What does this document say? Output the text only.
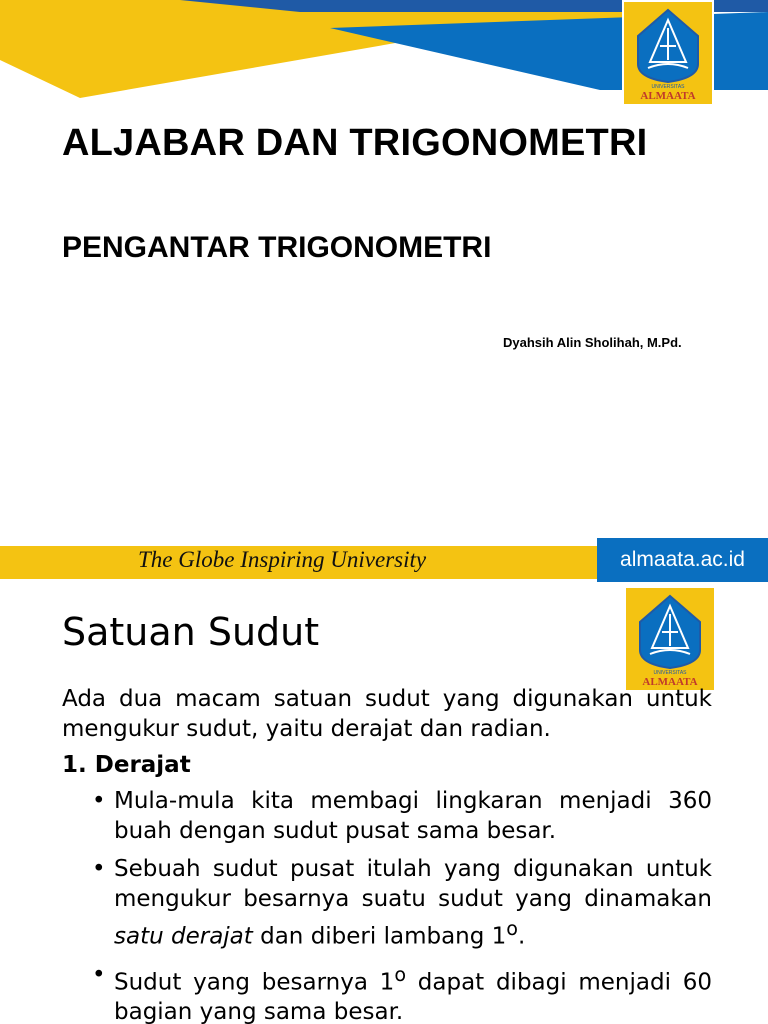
UNIVERSITAS
ALMAATA
ALJABAR DAN TRIGONOMETRI
PENGANTAR TRIGONOMETRI
Dyahsih Alin Sholihah, M.Pd.
The Globe Inspiring University	almaata.ac.id
UNIVERSITAS
ALMAATA
Satuan Sudut

Ada dua macam satuan sudut yang digunakan untuk mengukur sudut, yaitu derajat dan radian.

1. Derajat

• Mula-mula kita membagi lingkaran menjadi 360 buah dengan sudut pusat sama besar.
• Sebuah sudut pusat itulah yang digunakan untuk mengukur besarnya suatu sudut yang dinamakan satu derajat dan diberi lambang 1$^o$.
• Sudut yang besarnya 1$^o$ dapat dibagi menjadi 60 bagian yang sama besar.
